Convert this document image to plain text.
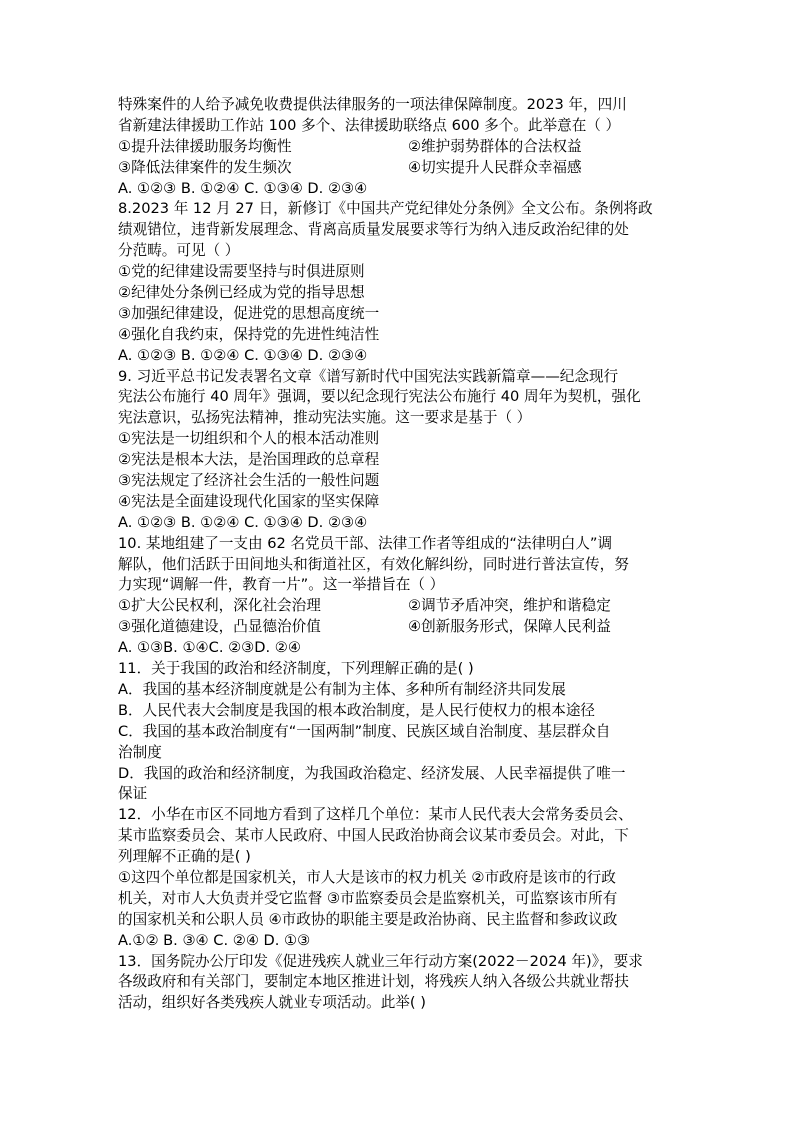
特殊案件的人给予减免收费提供法律服务的一项法律保障制度。2023 年，四川
省新建法律援助工作站 100 多个、法律援助联络点 600 多个。此举意在（ ）
①提升法律援助服务均衡性	②维护弱势群体的合法权益
③降低法律案件的发生频次	④切实提升人民群众幸福感
A. ①②③ B. ①②④ C. ①③④ D. ②③④
8.2023 年 12 月 27 日，新修订《中国共产党纪律处分条例》全文公布。条例将政
绩观错位，违背新发展理念、背离高质量发展要求等行为纳入违反政治纪律的处
分范畴。可见（ ）
①党的纪律建设需要坚持与时俱进原则
②纪律处分条例已经成为党的指导思想
③加强纪律建设，促进党的思想高度统一
④强化自我约束，保持党的先进性纯洁性
A. ①②③ B. ①②④ C. ①③④ D. ②③④
9. 习近平总书记发表署名文章《谱写新时代中国宪法实践新篇章——纪念现行
宪法公布施行 40 周年》强调，要以纪念现行宪法公布施行 40 周年为契机，强化
宪法意识，弘扬宪法精神，推动宪法实施。这一要求是基于（ ）
①宪法是一切组织和个人的根本活动准则
②宪法是根本大法，是治国理政的总章程
③宪法规定了经济社会生活的一般性问题
④宪法是全面建设现代化国家的坚实保障
A. ①②③ B. ①②④ C. ①③④ D. ②③④
10. 某地组建了一支由 62 名党员干部、法律工作者等组成的“法律明白人”调
解队，他们活跃于田间地头和街道社区，有效化解纠纷，同时进行普法宣传，努
力实现“调解一件，教育一片”。这一举措旨在（ ）
①扩大公民权利，深化社会治理	②调节矛盾冲突，维护和谐稳定
③强化道德建设，凸显德治价值	④创新服务形式，保障人民利益
A. ①③B. ①④C. ②③D. ②④
11．关于我国的政治和经济制度，下列理解正确的是( )
A．我国的基本经济制度就是公有制为主体、多种所有制经济共同发展
B．人民代表大会制度是我国的根本政治制度，是人民行使权力的根本途径
C．我国的基本政治制度有“一国两制”制度、民族区域自治制度、基层群众自
治制度
D．我国的政治和经济制度，为我国政治稳定、经济发展、人民幸福提供了唯一
保证
12．小华在市区不同地方看到了这样几个单位：某市人民代表大会常务委员会、
某市监察委员会、某市人民政府、中国人民政治协商会议某市委员会。对此，下
列理解不正确的是( )
①这四个单位都是国家机关，市人大是该市的权力机关 ②市政府是该市的行政
机关，对市人大负责并受它监督 ③市监察委员会是监察机关，可监察该市所有
的国家机关和公职人员 ④市政协的职能主要是政治协商、民主监督和参政议政
A.①② B. ③④ C. ②④ D. ①③
13．国务院办公厅印发《促进残疾人就业三年行动方案(2022－2024 年)》，要求
各级政府和有关部门，要制定本地区推进计划，将残疾人纳入各级公共就业帮扶
活动，组织好各类残疾人就业专项活动。此举( )
